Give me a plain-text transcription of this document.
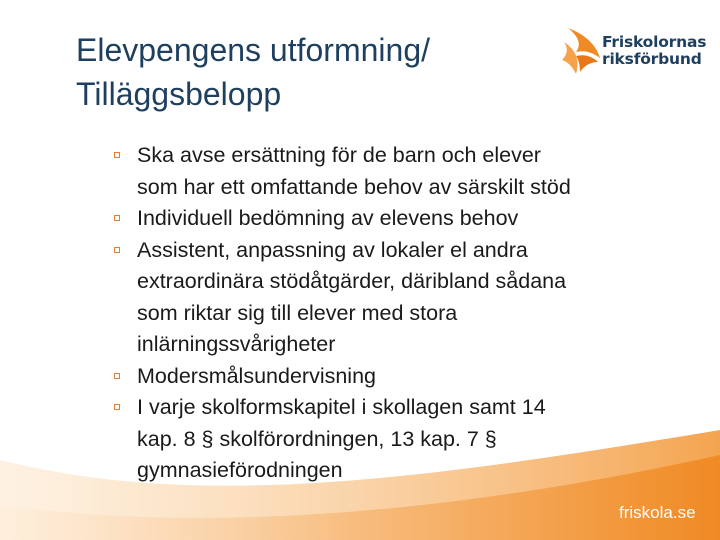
Elevpengens utformning/
Tilläggsbelopp
Friskolornas
riksförbund
Ska avse ersättning för de barn och elever
som har ett omfattande behov av särskilt stöd
Individuell bedömning av elevens behov
Assistent, anpassning av lokaler el andra
extraordinära stödåtgärder, däribland sådana
som riktar sig till elever med stora
inlärningssvårigheter
Modersmålsundervisning
I varje skolformskapitel i skollagen samt 14
kap. 8 § skolförordningen, 13 kap. 7 §
gymnasieförodningen
friskola.se
